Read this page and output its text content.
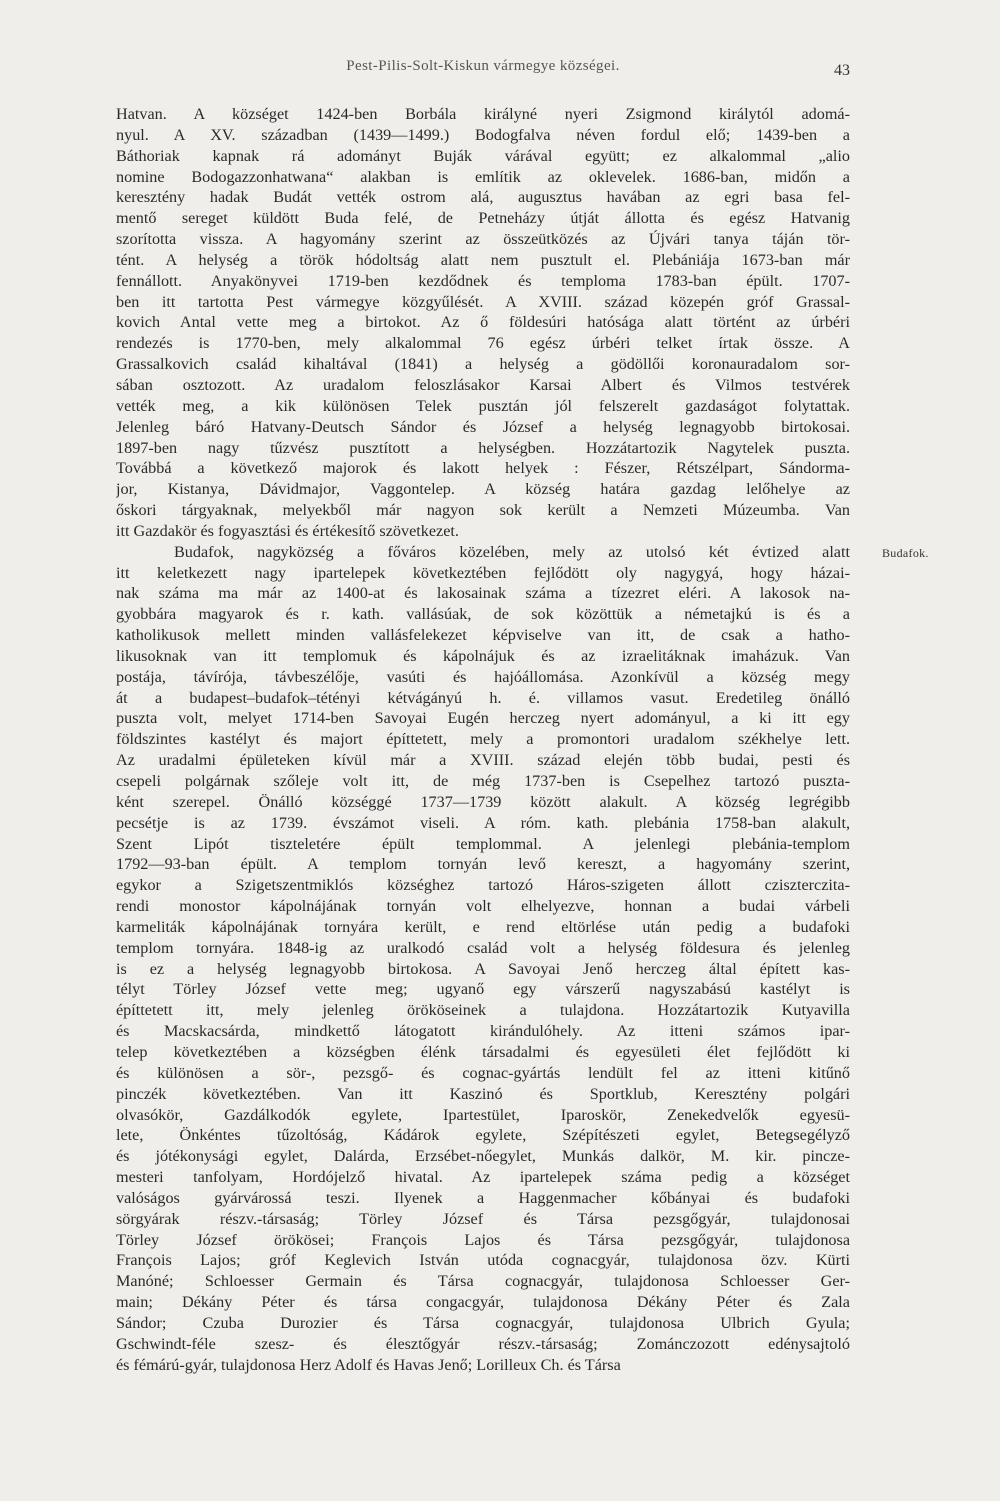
Pest-Pilis-Solt-Kiskun vármegye községei.	43
Hatvan. A községet 1424-ben Borbála királyné nyeri Zsigmond királytól adomá-
nyul. A XV. században (1439—1499.) Bodogfalva néven fordul elő; 1439-ben a
Báthoriak kapnak rá adományt Buják várával együtt; ez alkalommal „alio
nomine Bodogazzonhatwana“ alakban is említik az oklevelek. 1686-ban, midőn a
keresztény hadak Budát vették ostrom alá, augusztus havában az egri basa fel-
mentő sereget küldött Buda felé, de Petneházy útját állotta és egész Hatvanig
szorította vissza. A hagyomány szerint az összeütközés az Újvári tanya táján tör-
tént. A helység a török hódoltság alatt nem pusztult el. Plebániája 1673-ban már
fennállott. Anyakönyvei 1719-ben kezdődnek és temploma 1783-ban épült. 1707-
ben itt tartotta Pest vármegye közgyűlését. A XVIII. század közepén gróf Grassal-
kovich Antal vette meg a birtokot. Az ő földesúri hatósága alatt történt az úrbéri
rendezés is 1770-ben, mely alkalommal 76 egész úrbéri telket írtak össze. A
Grassalkovich család kihaltával (1841) a helység a gödöllői koronauradalom sor-
sában osztozott. Az uradalom feloszlásakor Karsai Albert és Vilmos testvérek
vették meg, a kik különösen Telek pusztán jól felszerelt gazdaságot folytattak.
Jelenleg báró Hatvany-Deutsch Sándor és József a helység legnagyobb birtokosai.
1897-ben nagy tűzvész pusztított a helységben. Hozzátartozik Nagytelek puszta.
Továbbá a következő majorok és lakott helyek : Fészer, Rétszélpart, Sándorma-
jor, Kistanya, Dávidmajor, Vaggontelep. A község határa gazdag lelőhelye az
őskori tárgyaknak, melyekből már nagyon sok került a Nemzeti Múzeumba. Van
itt Gazdakör és fogyasztási és értékesítő szövetkezet.
Budafok, nagyközség a főváros közelében, mely az utolsó két évtized alatt
itt keletkezett nagy ipartelepek következtében fejlődött oly nagygyá, hogy házai-
nak száma ma már az 1400-at és lakosainak száma a tízezret eléri. A lakosok na-
gyobbára magyarok és r. kath. vallásúak, de sok közöttük a németajkú is és a
katholikusok mellett minden vallásfelekezet képviselve van itt, de csak a hatho-
likusoknak van itt templomuk és kápolnájuk és az izraelitáknak imaházuk. Van
postája, távírója, távbeszélője, vasúti és hajóállomása. Azonkívül a község megy
át a budapest–budafok–tétényi kétvágányú h. é. villamos vasut. Eredetileg önálló
puszta volt, melyet 1714-ben Savoyai Eugén herczeg nyert adományul, a ki itt egy
földszintes kastélyt és majort építtetett, mely a promontori uradalom székhelye lett.
Az uradalmi épületeken kívül már a XVIII. század elején több budai, pesti és
csepeli polgárnak szőleje volt itt, de még 1737-ben is Csepelhez tartozó puszta-
ként szerepel. Önálló községgé 1737—1739 között alakult. A község legrégibb
pecsétje is az 1739. évszámot viseli. A róm. kath. plebánia 1758-ban alakult,
Szent Lipót tiszteletére épült templommal. A jelenlegi plebánia-templom
1792—93-ban épült. A templom tornyán levő kereszt, a hagyomány szerint,
egykor a Szigetszentmiklós községhez tartozó Háros-szigeten állott cziszterczita-
rendi monostor kápolnájának tornyán volt elhelyezve, honnan a budai várbeli
karmeliták kápolnájának tornyára került, e rend eltörlése után pedig a budafoki
templom tornyára. 1848-ig az uralkodó család volt a helység földesura és jelenleg
is ez a helység legnagyobb birtokosa. A Savoyai Jenő herczeg által épített kas-
télyt Törley József vette meg; ugyanő egy várszerű nagyszabású kastélyt is
építtetett itt, mely jelenleg örököseinek a tulajdona. Hozzátartozik Kutyavilla
és Macskacsárda, mindkettő látogatott kirándulóhely. Az itteni számos ipar-
telep következtében a községben élénk társadalmi és egyesületi élet fejlődött ki
és különösen a sör-, pezsgő- és cognac-gyártás lendült fel az itteni kitűnő
pinczék következtében. Van itt Kaszinó és Sportklub, Keresztény polgári
olvasókör, Gazdálkodók egylete, Ipartestület, Iparoskör, Zenekedvelők egyesü-
lete, Önkéntes tűzoltóság, Kádárok egylete, Szépítészeti egylet, Betegsegélyző
és jótékonysági egylet, Dalárda, Erzsébet-nőegylet, Munkás dalkör, M. kir. pincze-
mesteri tanfolyam, Hordójelző hivatal. Az ipartelepek száma pedig a községet
valóságos gyárvárossá teszi. Ilyenek a Haggenmacher kőbányai és budafoki
sörgyárak részv.-társaság; Törley József és Társa pezsgőgyár, tulajdonosai
Törley József örökösei; François Lajos és Társa pezsgőgyár, tulajdonosa
François Lajos; gróf Keglevich István utóda cognacgyár, tulajdonosa özv. Kürti
Manóné; Schloesser Germain és Társa cognacgyár, tulajdonosa Schloesser Ger-
main; Dékány Péter és társa congacgyár, tulajdonosa Dékány Péter és Zala
Sándor; Czuba Durozier és Társa cognacgyár, tulajdonosa Ulbrich Gyula;
Gschwindt-féle szesz- és élesztőgyár részv.-társaság; Zománczozott edénysajtoló
és fémárú-gyár, tulajdonosa Herz Adolf és Havas Jenő; Lorilleux Ch. és Társa
Budafok.
